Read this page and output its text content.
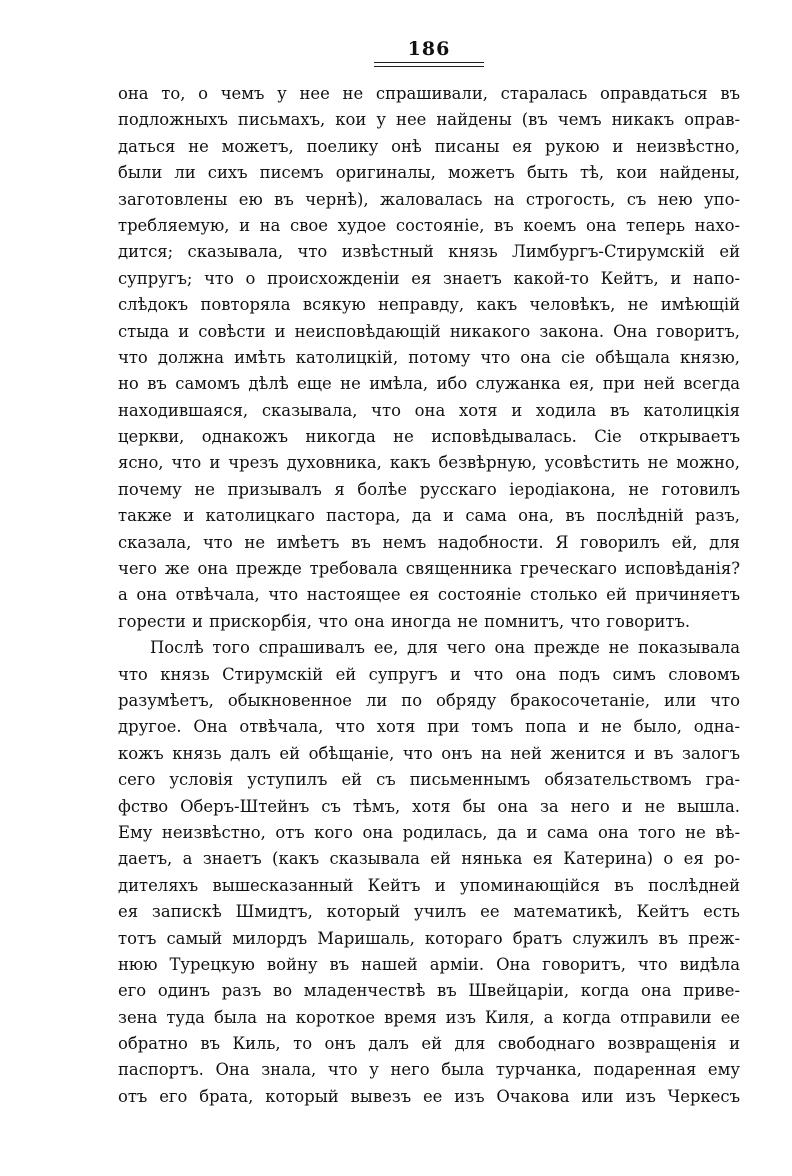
186
она то, о чемъ у нее не спрашивали, старалась оправдаться въ
подложныхъ письмахъ, кои у нее найдены (въ чемъ никакъ оправ-
даться не можетъ, поелику онѣ писаны ея рукою и неизвѣстно,
были ли сихъ писемъ оригиналы, можетъ быть тѣ, кои найдены,
заготовлены ею въ чернѣ), жаловалась на строгость, съ нею упо-
требляемую, и на свое худое состояніе, въ коемъ она теперь нахо-
дится; сказывала, что извѣстный князь Лимбургъ-Стирумскій ей
супругъ; что о происхожденіи ея знаетъ какой-то Кейтъ, и напо-
слѣдокъ повторяла всякую неправду, какъ человѣкъ, не имѣющій
стыда и совѣсти и неисповѣдающій никакого закона. Она говоритъ,
что должна имѣть католицкій, потому что она сіе обѣщала князю,
но въ самомъ дѣлѣ еще не имѣла, ибо служанка ея, при ней всегда
находившаяся, сказывала, что она хотя и ходила въ католицкія
церкви, однакожъ никогда не исповѣдывалась. Сіе открываетъ
ясно, что и чрезъ духовника, какъ безвѣрную, усовѣстить не можно,
почему не призывалъ я болѣе русскаго іеродіакона, не готовилъ
также и католицкаго пастора, да и сама она, въ послѣдній разъ,
сказала, что не имѣетъ въ немъ надобности. Я говорилъ ей, для
чего же она прежде требовала священника греческаго исповѣданія?
а она отвѣчала, что настоящее ея состояніе столько ей причиняетъ
горести и прискорбія, что она иногда не помнитъ, что говоритъ.
Послѣ того спрашивалъ ее, для чего она прежде не показывала
что князь Стирумскій ей супругъ и что она подъ симъ словомъ
разумѣетъ, обыкновенное ли по обряду бракосочетаніе, или что
другое. Она отвѣчала, что хотя при томъ попа и не было, одна-
кожъ князь далъ ей обѣщаніе, что онъ на ней женится и въ залогъ
сего условія уступилъ ей съ письменнымъ обязательствомъ гра-
фство Оберъ-Штейнъ съ тѣмъ, хотя бы она за него и не вышла.
Ему неизвѣстно, отъ кого она родилась, да и сама она того не вѣ-
даетъ, а знаетъ (какъ сказывала ей нянька ея Катерина) о ея ро-
дителяхъ вышесказанный Кейтъ и упоминающійся въ послѣдней
ея запискѣ Шмидтъ, который училъ ее математикѣ, Кейтъ есть
тотъ самый милордъ Маришаль, котораго братъ служилъ въ преж-
нюю Турецкую войну въ нашей арміи. Она говоритъ, что видѣла
его одинъ разъ во младенчествѣ въ Швейцаріи, когда она приве-
зена туда была на короткое время изъ Киля, а когда отправили ее
обратно въ Киль, то онъ далъ ей для свободнаго возвращенія и
паспортъ. Она знала, что у него была турчанка, подаренная ему
отъ его брата, который вывезъ ее изъ Очакова или изъ Черкесъ
